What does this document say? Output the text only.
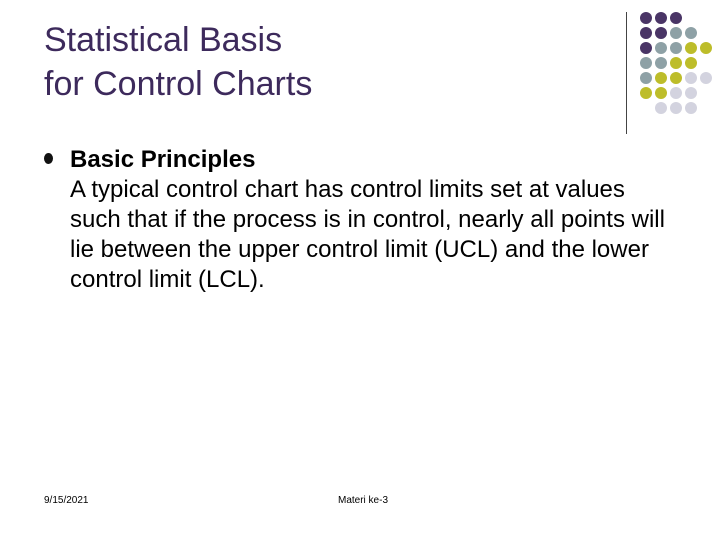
Statistical Basis
for Control Charts
Basic Principles
A typical control chart has control limits set at values such that if the process is in control, nearly all points will lie between the upper control limit (UCL) and the lower control limit (LCL).
9/15/2021	Materi ke-3
